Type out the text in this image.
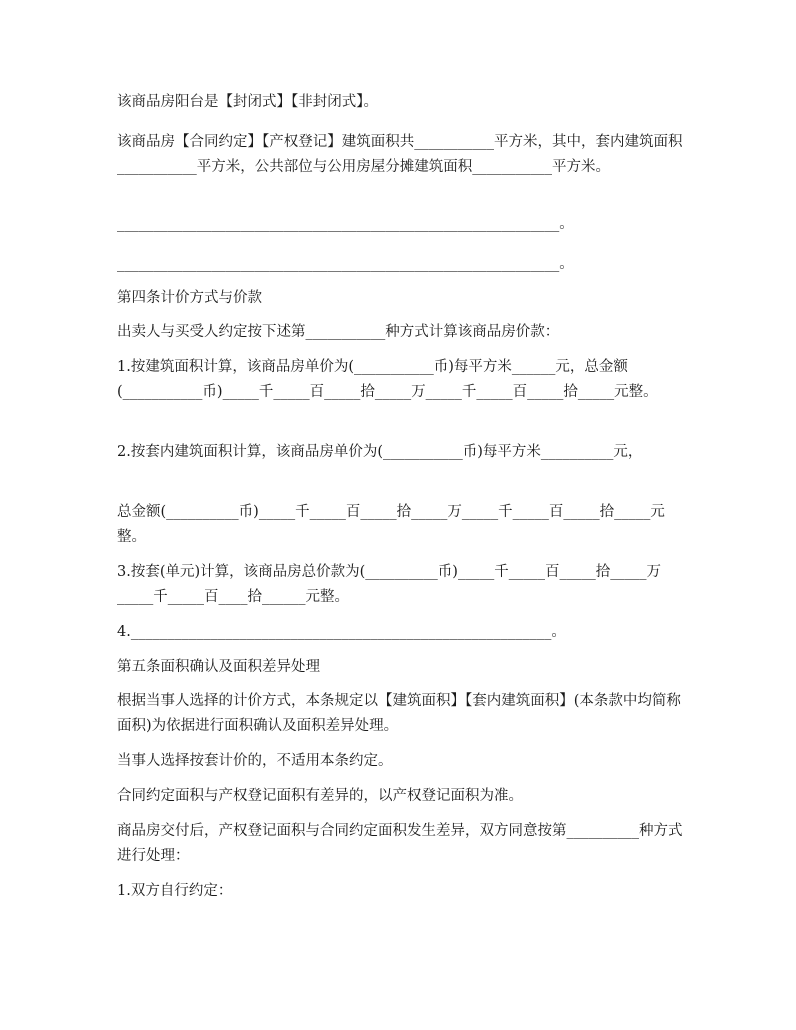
该商品房阳台是【封闭式】【非封闭式】。

该商品房【合同约定】【产权登记】建筑面积共___________平方米，其中，套内建筑面积___________平方米，公共部位与公用房屋分摊建筑面积___________平方米。

_____________________________________________________________。

_____________________________________________________________。

第四条计价方式与价款

出卖人与买受人约定按下述第___________种方式计算该商品房价款：

1.按建筑面积计算，该商品房单价为(___________币)每平方米______元，总金额(___________币)_____千_____百_____拾_____万_____千_____百_____拾_____元整。

2.按套内建筑面积计算，该商品房单价为(___________币)每平方米__________元，

总金额(__________币)_____千_____百_____拾_____万_____千_____百_____拾_____元整。

3.按套(单元)计算，该商品房总价款为(__________币)_____千_____百_____拾_____万_____千_____百____拾______元整。

4.__________________________________________________________。

第五条面积确认及面积差异处理

根据当事人选择的计价方式，本条规定以【建筑面积】【套内建筑面积】(本条款中均简称面积)为依据进行面积确认及面积差异处理。

当事人选择按套计价的，不适用本条约定。

合同约定面积与产权登记面积有差异的，以产权登记面积为准。

商品房交付后，产权登记面积与合同约定面积发生差异，双方同意按第__________种方式进行处理：

1.双方自行约定：
